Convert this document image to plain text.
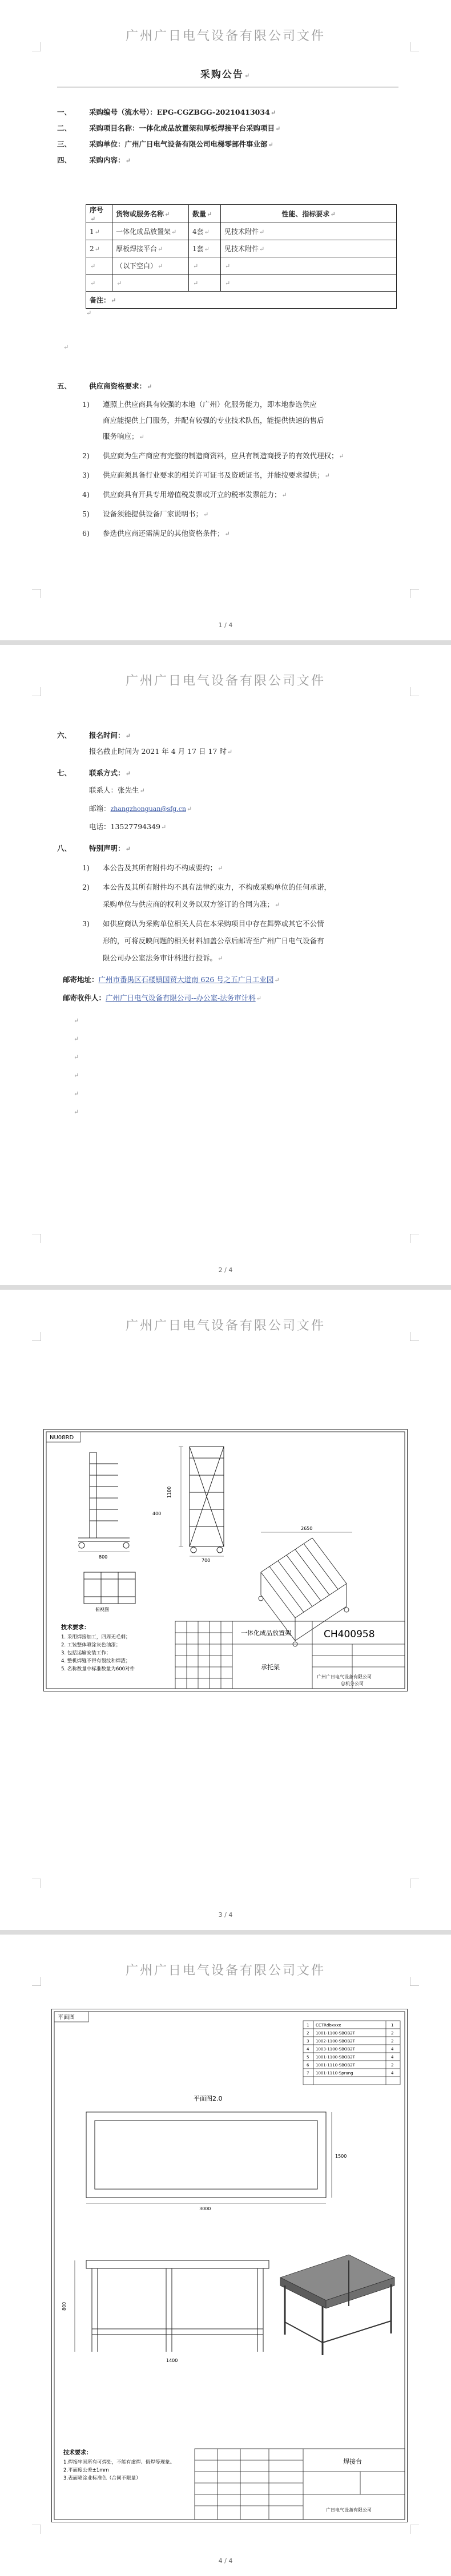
广州广日电气设备有限公司文件
采购公告↵
一、 采购编号（流水号）：EPG-CGZBGG-20210413034↵
二、 采购项目名称：一体化成品放置架和厚板焊接平台采购项目↵
三、 采购单位：广州广日电气设备有限公司电梯零部件事业部↵
四、 采购内容：↵
序号↵	货物或服务名称↵	数量↵	性能、指标要求↵
1↵	一体化成品放置架↵	4套↵	见技术附件↵
2↵	厚板焊接平台↵	1套↵	见技术附件↵
↵	（以下空白）↵	↵	↵
↵	↵	↵	↵
备注：↵			
↵
↵
五、 供应商资格要求：↵
1) 遵照上供应商具有较强的本地（广州）化服务能力，即本地参选供应
商应能提供上门服务，并配有较强的专业技术队伍，能提供快速的售后
服务响应；↵
2) 供应商为生产商应有完整的制造商资料，应具有制造商授予的有效代理权；↵
3) 供应商须具备行业要求的相关许可证书及资质证书，并能按要求提供；↵
4) 供应商具有开具专用增值税发票或开立的税率发票能力；↵
5) 设备须能提供设备厂家说明书；↵
6) 参选供应商还需满足的其他资格条件；↵
1 / 4
广州广日电气设备有限公司文件
六、 报名时间：↵
报名截止时间为 2021 年 4 月 17 日 17 时↵
七、 联系方式：↵
联系人：张先生↵
邮箱：zhangzhonguan@sfg.cn↵
电话：13527794349↵
八、 特别声明：↵
1) 本公告及其所有附件均不构成要约；↵
2) 本公告及其所有附件均不具有法律约束力，不构成采购单位的任何承诺，
采购单位与供应商的权利义务以双方签订的合同为准；↵
3) 如供应商认为采购单位相关人员在本采购项目中存在舞弊或其它不公情
形的，可将反映问题的相关材料加盖公章后邮寄至广州广日电气设备有
限公司办公室法务审计科进行投诉。↵
邮寄地址：广州市番禺区石楼镇国贸大道南 626 号之五广日工业园↵
邮寄收件人：广州广日电气设备有限公司--办公室-法务审计科↵
↵
↵
↵
↵
↵
↵
2 / 4
广州广日电气设备有限公司文件
NU08RD
1100
700
800
俯视图
2650
400
技术要求：
1. 采用焊接加工，四周无毛刺；
2. 工装整体喷涂灰色油漆；
3. 包括运输安装工作；
4. 整机焊缝不得有裂纹和焊渣；
5. 名称数量中标准数量为600对件
一体化成品放置架	CH400958
承托架
广州广日电气设备有限公司
总机分公司
3 / 4
广州广日电气设备有限公司文件
平面图
1 CCTRdbxxxx	1
2 1001-1100-SBOB2T	2
3 1002-1100-SBOB2T	2
4 1003-1100-SBOB2T	4
5 1001-1100-SBOB2T	4
6 1001-1110-SBOB2T	2
7 1001-1110-Sprang	4
平面图2.0
3000
1500
800
1400
技术要求：
1.焊接牢固所有可焊处，不能有虚焊、假焊等现象。
2.平面度公差±1mm
3.表面喷涂业标准色（合同不限量）
焊接台
广日电气设备有限公司
4 / 4
